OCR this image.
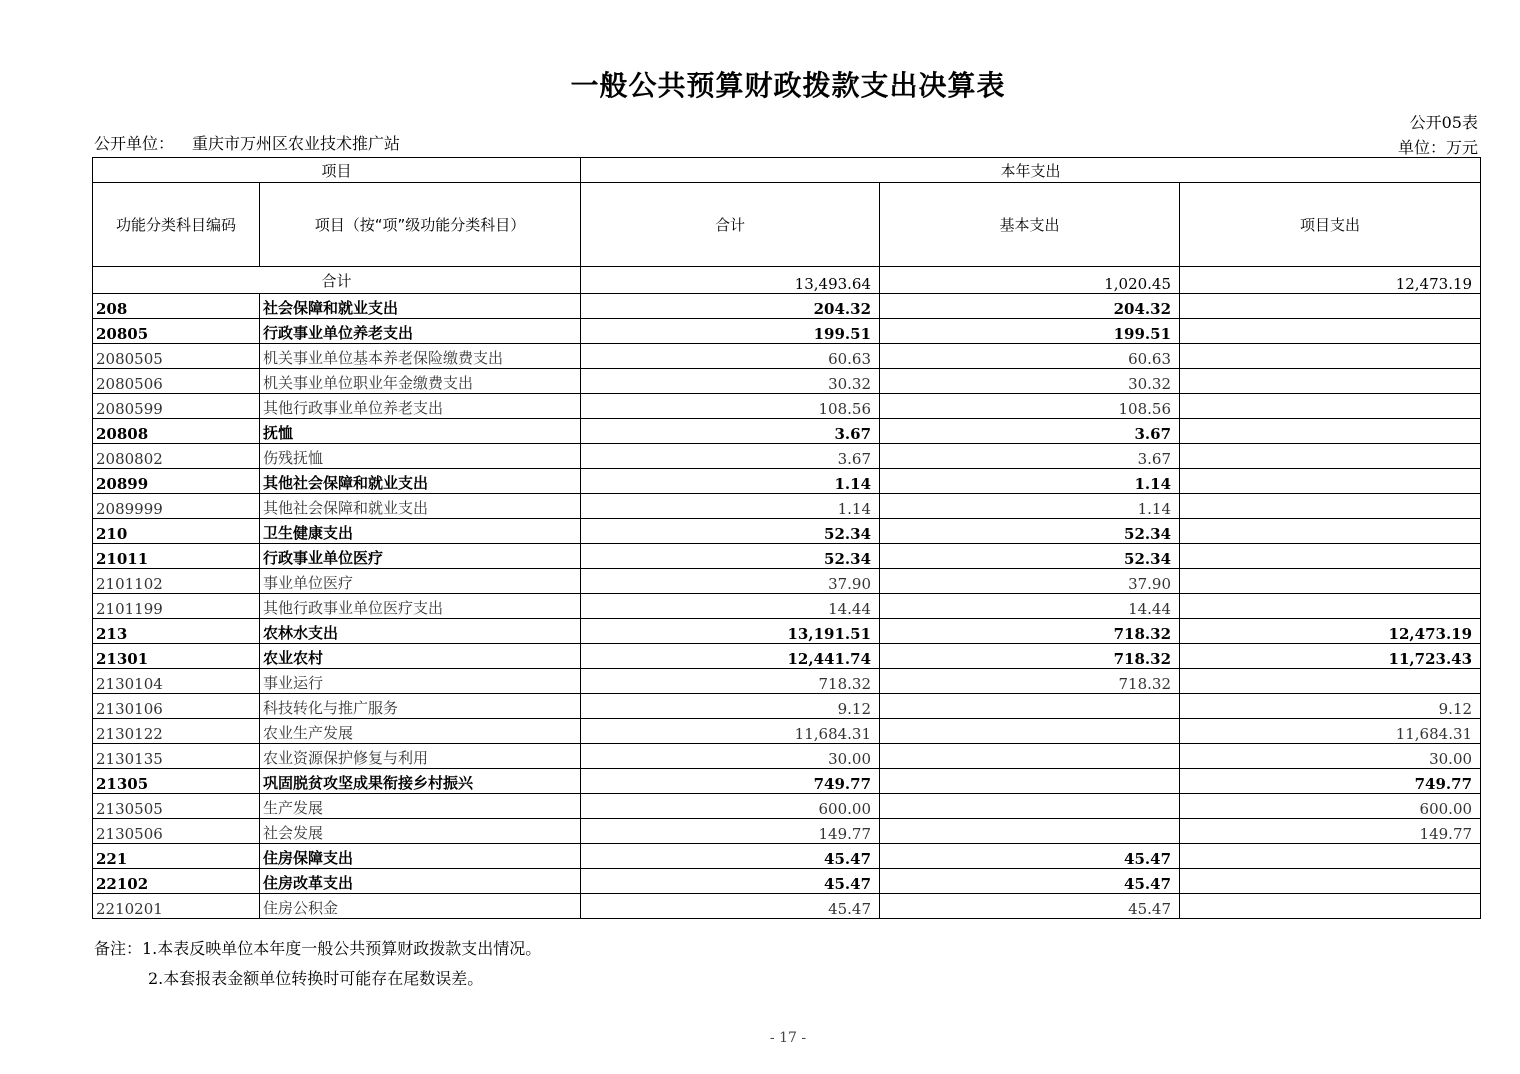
一般公共预算财政拨款支出决算表
公开05表
单位：万元
公开单位： 重庆市万州区农业技术推广站
项目		本年支出		
功能分类科目编码	项目（按“项”级功能分类科目）	合计	基本支出	项目支出
合计		13,493.64	1,020.45	12,473.19
208	社会保障和就业支出	204.32	204.32	
20805	行政事业单位养老支出	199.51	199.51	
2080505	机关事业单位基本养老保险缴费支出	60.63	60.63	
2080506	机关事业单位职业年金缴费支出	30.32	30.32	
2080599	其他行政事业单位养老支出	108.56	108.56	
20808	抚恤	3.67	3.67	
2080802	伤残抚恤	3.67	3.67	
20899	其他社会保障和就业支出	1.14	1.14	
2089999	其他社会保障和就业支出	1.14	1.14	
210	卫生健康支出	52.34	52.34	
21011	行政事业单位医疗	52.34	52.34	
2101102	事业单位医疗	37.90	37.90	
2101199	其他行政事业单位医疗支出	14.44	14.44	
213	农林水支出	13,191.51	718.32	12,473.19
21301	农业农村	12,441.74	718.32	11,723.43
2130104	事业运行	718.32	718.32	
2130106	科技转化与推广服务	9.12		9.12
2130122	农业生产发展	11,684.31		11,684.31
2130135	农业资源保护修复与利用	30.00		30.00
21305	巩固脱贫攻坚成果衔接乡村振兴	749.77		749.77
2130505	生产发展	600.00		600.00
2130506	社会发展	149.77		149.77
221	住房保障支出	45.47	45.47	
22102	住房改革支出	45.47	45.47	
2210201	住房公积金	45.47	45.47	
备注：1.本表反映单位本年度一般公共预算财政拨款支出情况。
2.本套报表金额单位转换时可能存在尾数误差。
- 17 -
